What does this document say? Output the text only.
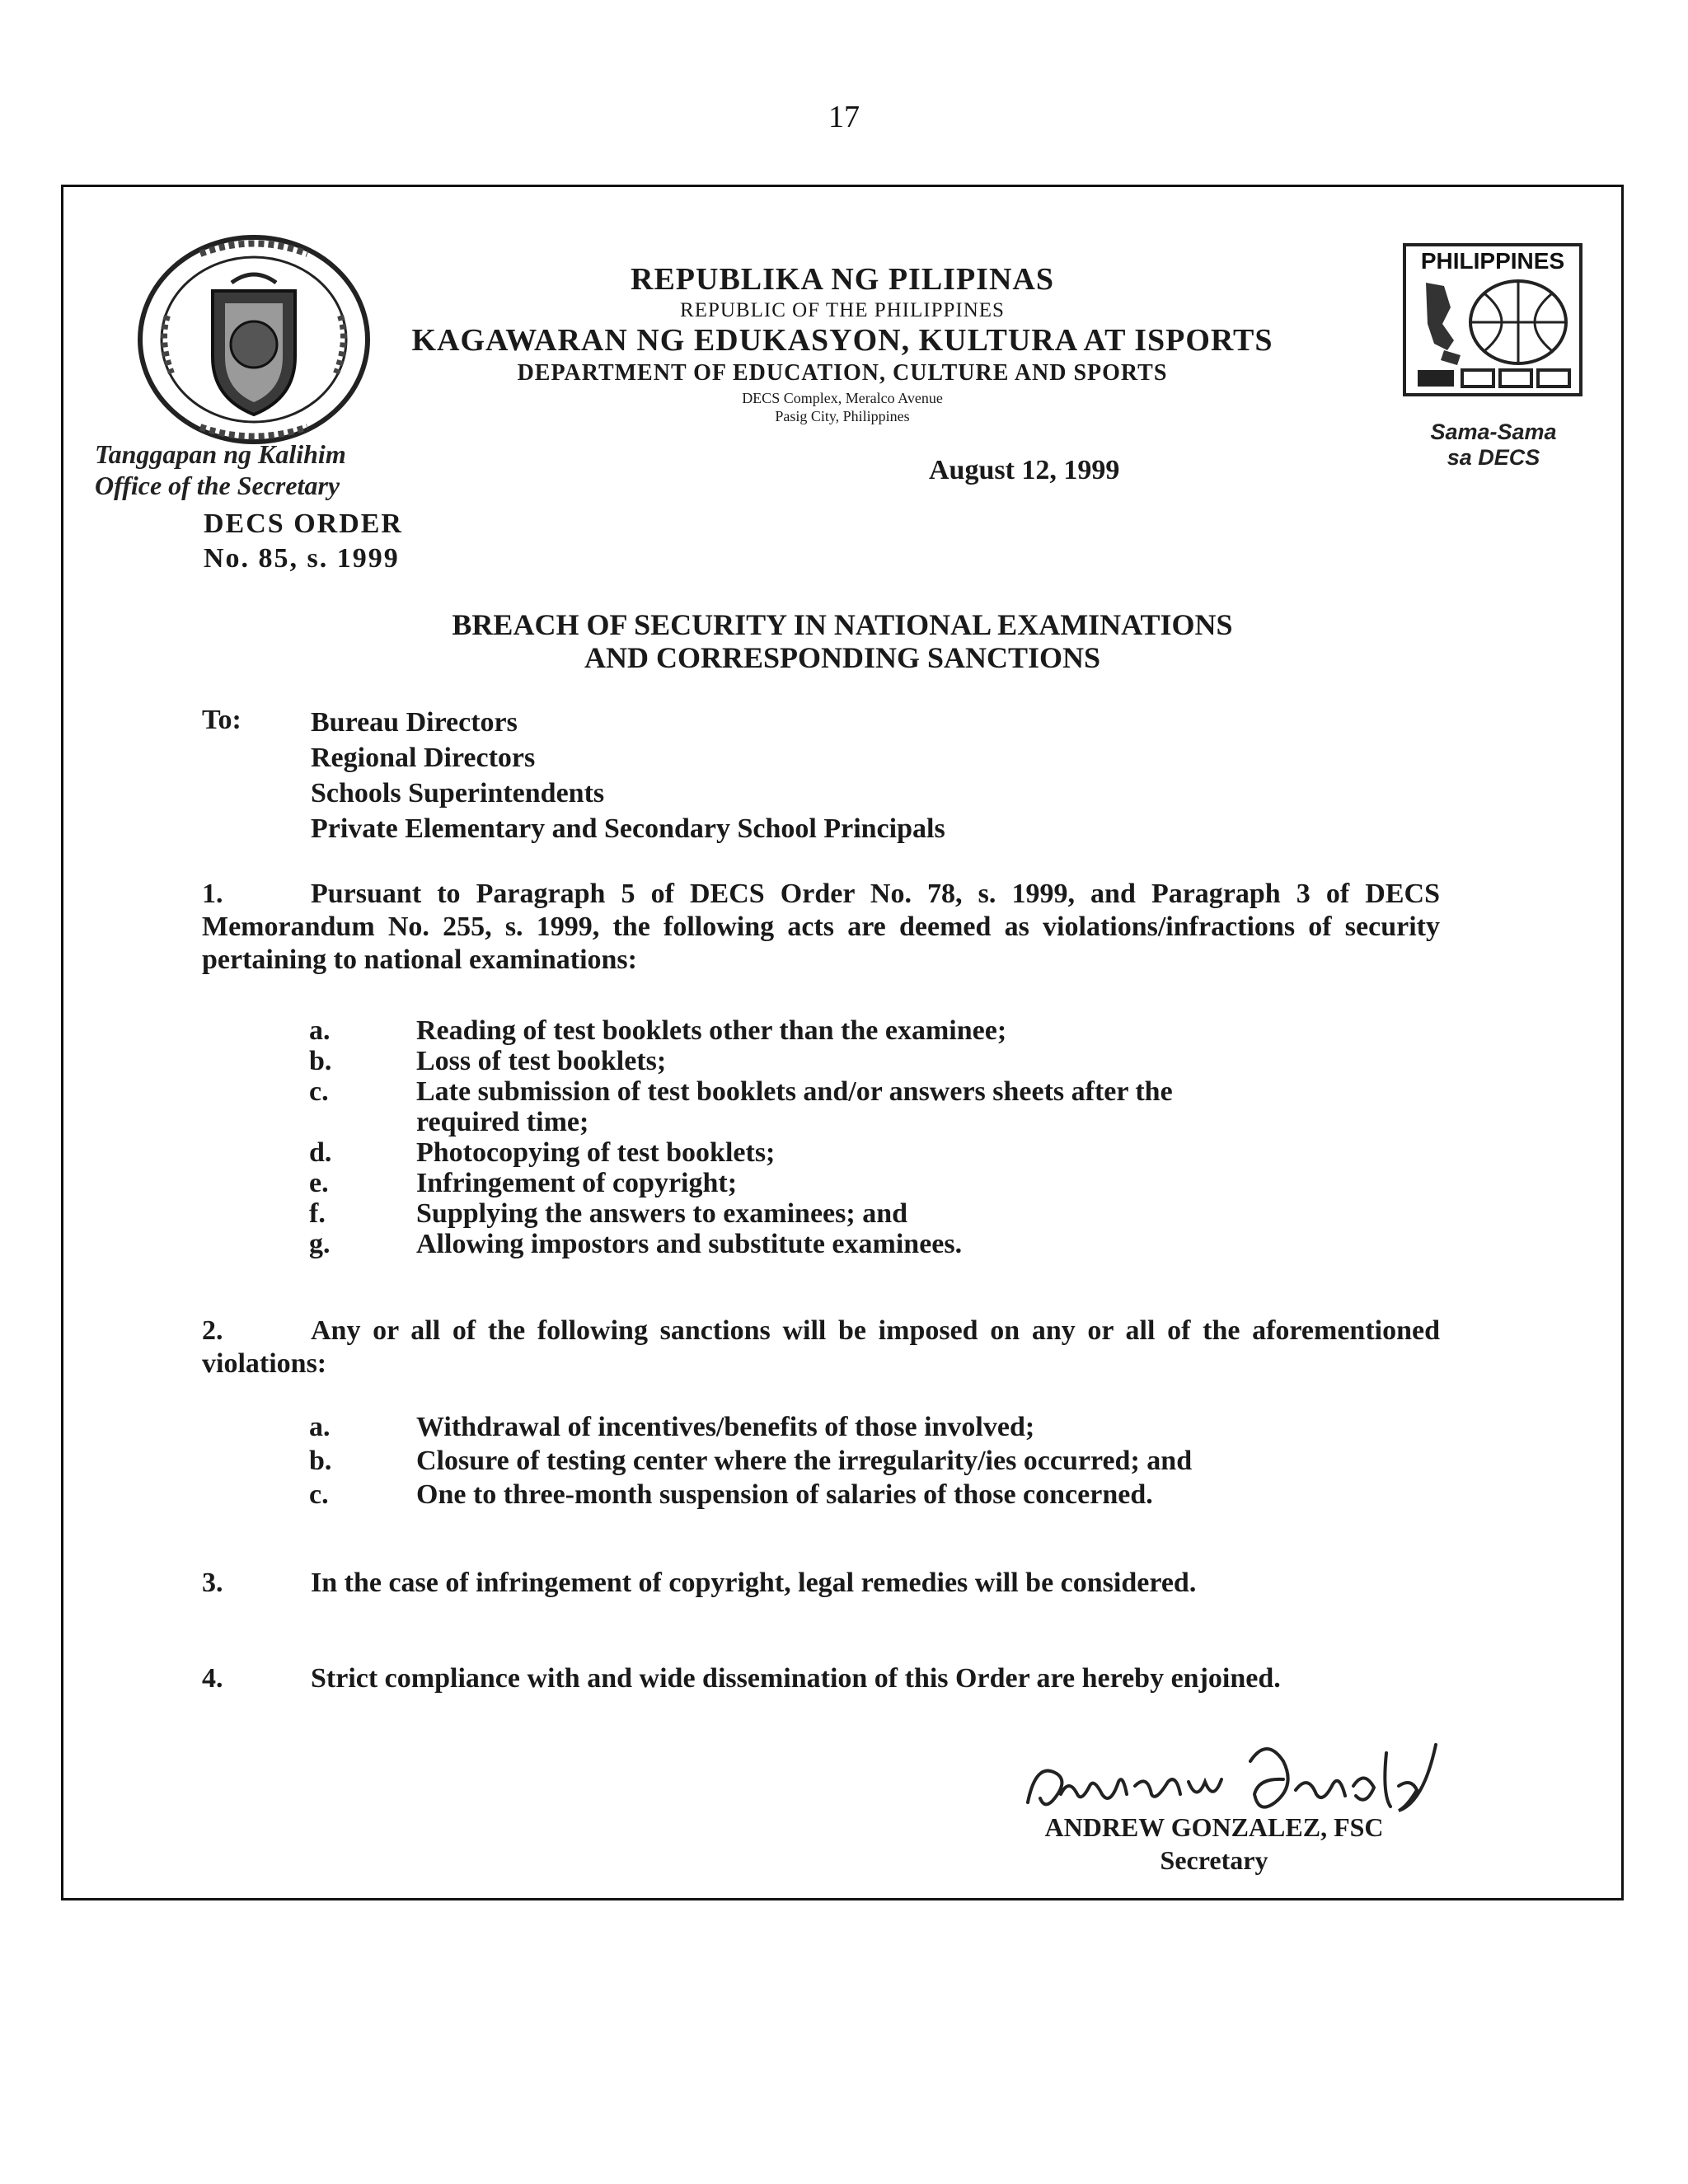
17
REPUBLIKA NG PILIPINAS
REPUBLIC OF THE PHILIPPINES
KAGAWARAN NG EDUKASYON, KULTURA AT ISPORTS
DEPARTMENT OF EDUCATION, CULTURE AND SPORTS
DECS Complex, Meralco Avenue
Pasig City, Philippines
PHILIPPINES
Sama-Sama
sa DECS
Tanggapan ng Kalihim
Office of the Secretary	August 12, 1999
DECS ORDER
No. 85, s. 1999
BREACH OF SECURITY IN NATIONAL EXAMINATIONS
AND CORRESPONDING SANCTIONS
To: Bureau Directors
Regional Directors
Schools Superintendents
Private Elementary and Secondary School Principals
1.	Pursuant to Paragraph 5 of DECS Order No. 78, s. 1999, and Paragraph 3 of DECS Memorandum No. 255, s. 1999, the following acts are deemed as violations/infractions of security pertaining to national examinations:
a.	Reading of test booklets other than the examinee;
b.	Loss of test booklets;
c.	Late submission of test booklets and/or answers sheets after the required time;
d.	Photocopying of test booklets;
e.	Infringement of copyright;
f.	Supplying the answers to examinees; and
g.	Allowing impostors and substitute examinees.
2.	Any or all of the following sanctions will be imposed on any or all of the aforementioned violations:
a.	Withdrawal of incentives/benefits of those involved;
b.	Closure of testing center where the irregularity/ies occurred; and
c.	One to three-month suspension of salaries of those concerned.
3.	In the case of infringement of copyright, legal remedies will be considered.
4.	Strict compliance with and wide dissemination of this Order are hereby enjoined.
ANDREW GONZALEZ, FSC
Secretary
